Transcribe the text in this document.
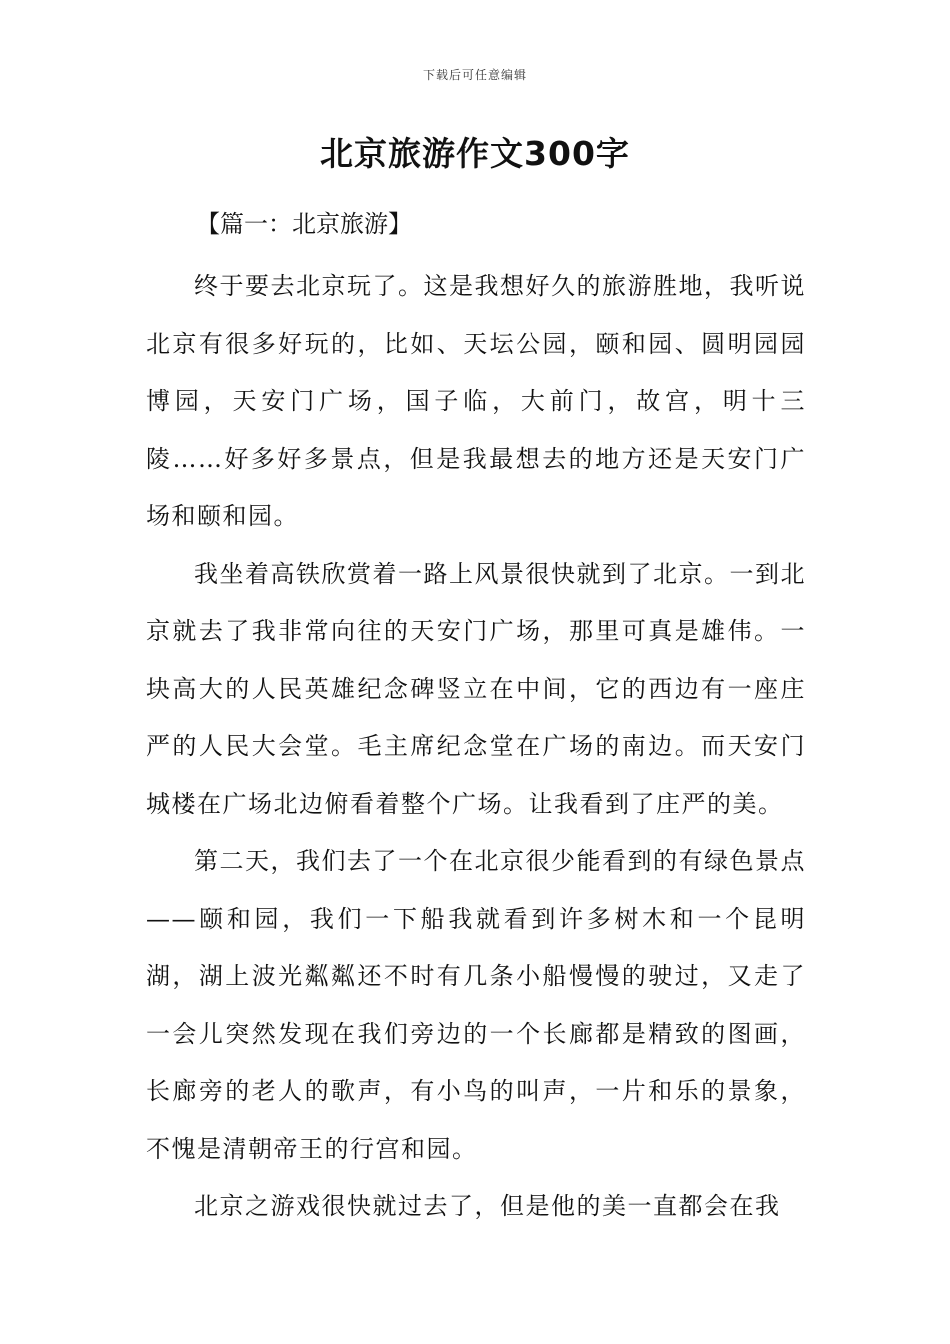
下载后可任意编辑
北京旅游作文300字

【篇一：北京旅游】

终于要去北京玩了。这是我想好久的旅游胜地，我听说北京有很多好玩的，比如、天坛公园，颐和园、圆明园园博园，天安门广场，国子临，大前门，故宫，明十三陵……好多好多景点，但是我最想去的地方还是天安门广场和颐和园。

我坐着高铁欣赏着一路上风景很快就到了北京。一到北京就去了我非常向往的天安门广场，那里可真是雄伟。一块高大的人民英雄纪念碑竖立在中间，它的西边有一座庄严的人民大会堂。毛主席纪念堂在广场的南边。而天安门城楼在广场北边俯看着整个广场。让我看到了庄严的美。

第二天，我们去了一个在北京很少能看到的有绿色景点——颐和园，我们一下船我就看到许多树木和一个昆明湖，湖上波光粼粼还不时有几条小船慢慢的驶过，又走了一会儿突然发现在我们旁边的一个长廊都是精致的图画，长廊旁的老人的歌声，有小鸟的叫声，一片和乐的景象，不愧是清朝帝王的行宫和园。

北京之游戏很快就过去了，但是他的美一直都会在我
